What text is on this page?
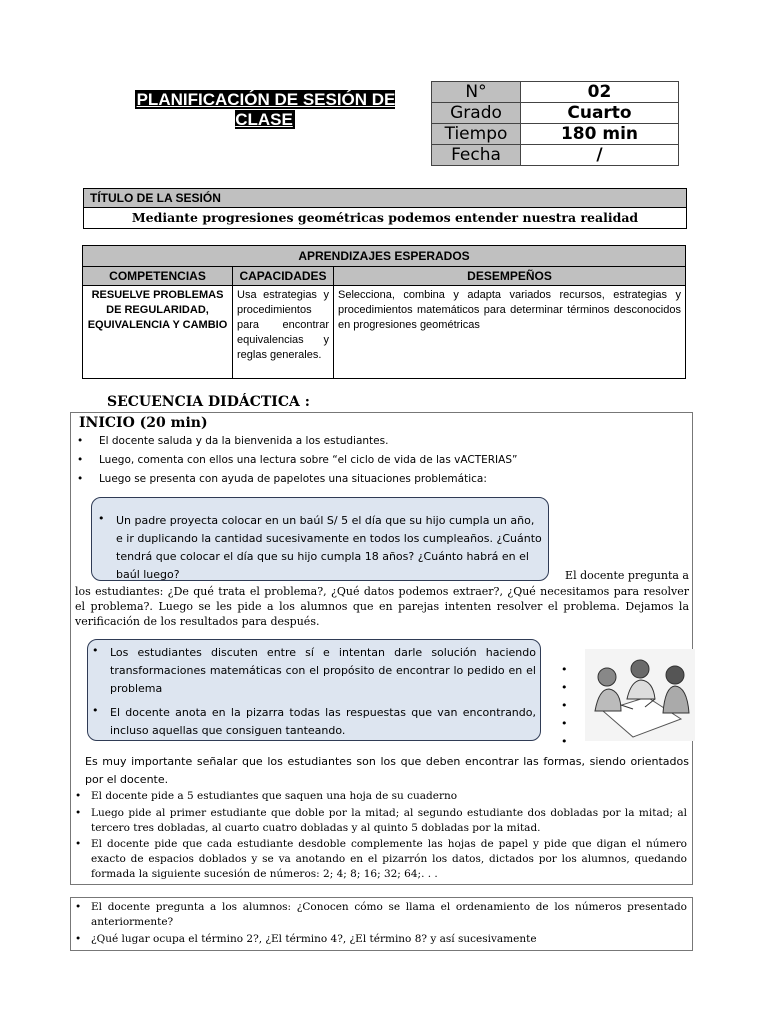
PLANIFICACIÓN DE SESIÓN DE CLASE
N°	02
Grado	Cuarto
Tiempo	180 min
Fecha	/
TÍTULO DE LA SESIÓN
Mediante progresiones geométricas podemos entender nuestra realidad
APRENDIZAJES ESPERADOS		
COMPETENCIAS	CAPACIDADES	DESEMPEÑOS
RESUELVE PROBLEMAS DE REGULARIDAD, EQUIVALENCIA Y CAMBIO	Usa estrategias y procedimientos para encontrar equivalencias y reglas generales.	Selecciona, combina y adapta variados recursos, estrategias y procedimientos matemáticos para determinar términos desconocidos en progresiones geométricas
SECUENCIA DIDÁCTICA :
INICIO (20 min)
• El docente saluda y da la bienvenida a los estudiantes.
• Luego, comenta con ellos una lectura sobre “el ciclo de vida de las vACTERIAS”
• Luego se presenta con ayuda de papelotes una situaciones problemática:
• Un padre proyecta colocar en un baúl S/ 5 el día que su hijo cumpla un año, e ir duplicando la cantidad sucesivamente en todos los cumpleaños. ¿Cuánto tendrá que colocar el día que su hijo cumpla 18 años? ¿Cuánto habrá en el baúl luego?	El docente pregunta a
los estudiantes: ¿De qué trata el problema?, ¿Qué datos podemos extraer?, ¿Qué necesitamos para resolver el problema?. Luego se les pide a los alumnos que en parejas intenten resolver el problema. Dejamos la verificación de los resultados para después.
• Los estudiantes discuten entre sí e intentan darle solución haciendo transformaciones matemáticas con el propósito de encontrar lo pedido en el problema
• El docente anota en la pizarra todas las respuestas que van encontrando, incluso aquellas que consiguen tanteando.
•
•
•
•
•
Es muy importante señalar que los estudiantes son los que deben encontrar las formas, siendo orientados por el docente.
• El docente pide a 5 estudiantes que saquen una hoja de su cuaderno
• Luego pide al primer estudiante que doble por la mitad; al segundo estudiante dos dobladas por la mitad; al tercero tres dobladas, al cuarto cuatro dobladas y al quinto 5 dobladas por la mitad.
• El docente pide que cada estudiante desdoble complemente las hojas de papel y pide que digan el número exacto de espacios doblados y se va anotando en el pizarrón los datos, dictados por los alumnos, quedando formada la siguiente sucesión de números: 2; 4; 8; 16; 32; 64;. . .
• El docente pregunta a los alumnos: ¿Conocen cómo se llama el ordenamiento de los números presentado anteriormente?
• ¿Qué lugar ocupa el término 2?, ¿El término 4?, ¿El término 8? y así sucesivamente
